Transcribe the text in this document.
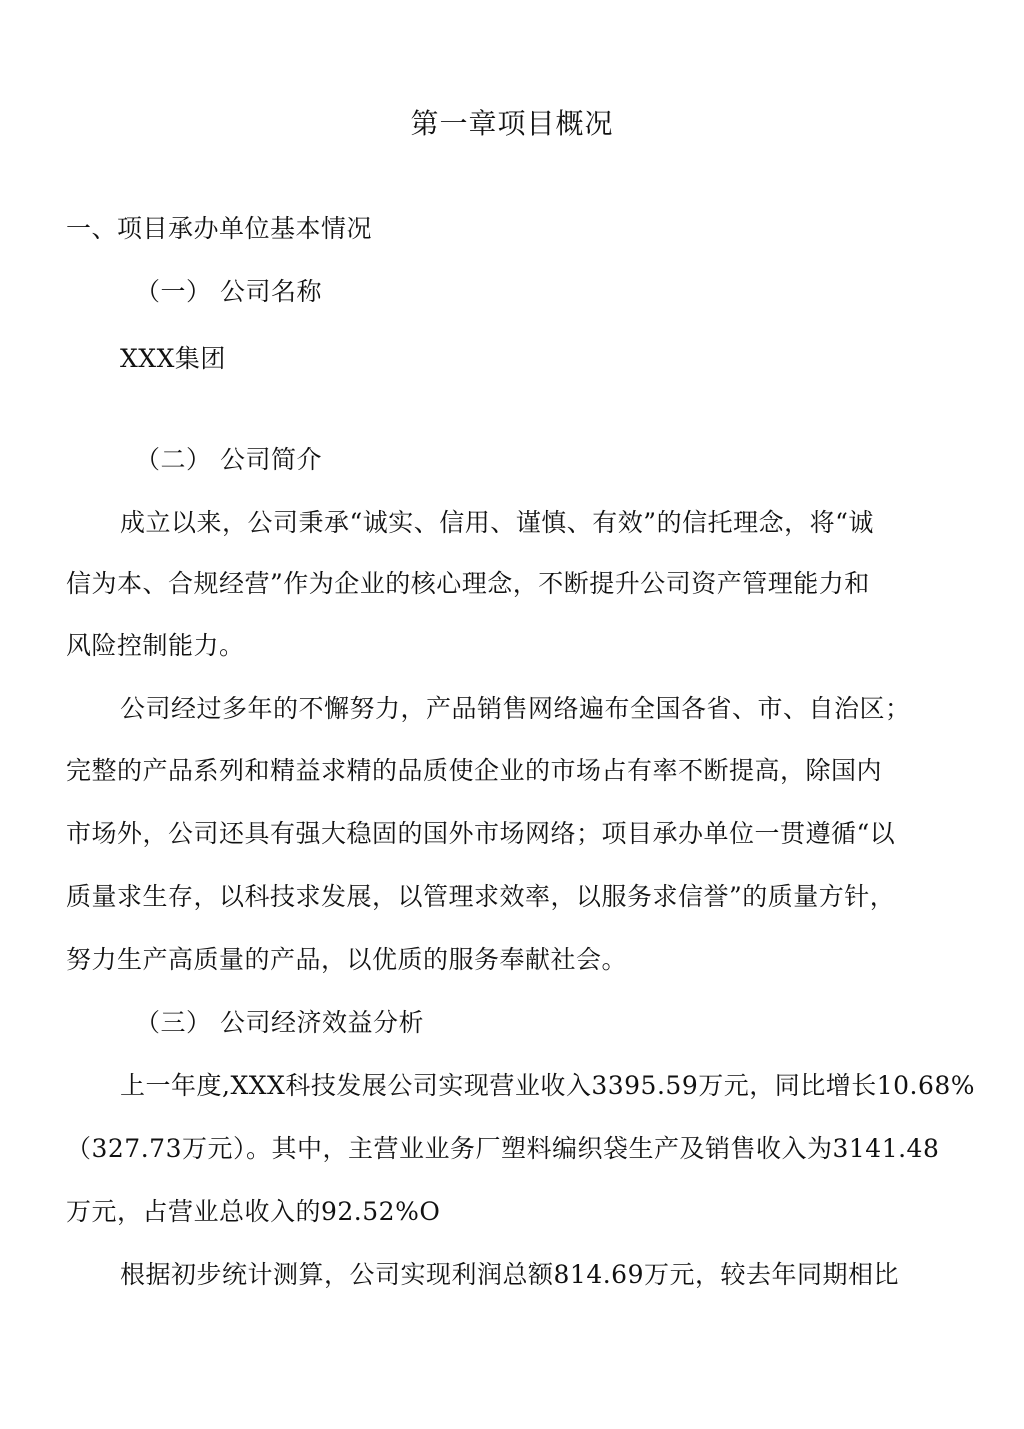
第一章项目概况
一、项目承办单位基本情况
（一） 公司名称
XXX集团
（二） 公司简介
成立以来，公司秉承“诚实、信用、谨慎、有效”的信托理念，将“诚
信为本、合规经营”作为企业的核心理念，不断提升公司资产管理能力和
风险控制能力。
公司经过多年的不懈努力，产品销售网络遍布全国各省、市、自治区；
完整的产品系列和精益求精的品质使企业的市场占有率不断提高，除国内
市场外，公司还具有强大稳固的国外市场网络；项目承办单位一贯遵循“以
质量求生存，以科技求发展，以管理求效率，以服务求信誉”的质量方针，
努力生产高质量的产品，以优质的服务奉献社会。
（三） 公司经济效益分析
上一年度,XXX科技发展公司实现营业收入3395.59万元，同比增长10.68%
（327.73万元）。其中，主营业业务厂塑料编织袋生产及销售收入为3141.48
万元，占营业总收入的92.52%O
根据初步统计测算，公司实现利润总额814.69万元，较去年同期相比
